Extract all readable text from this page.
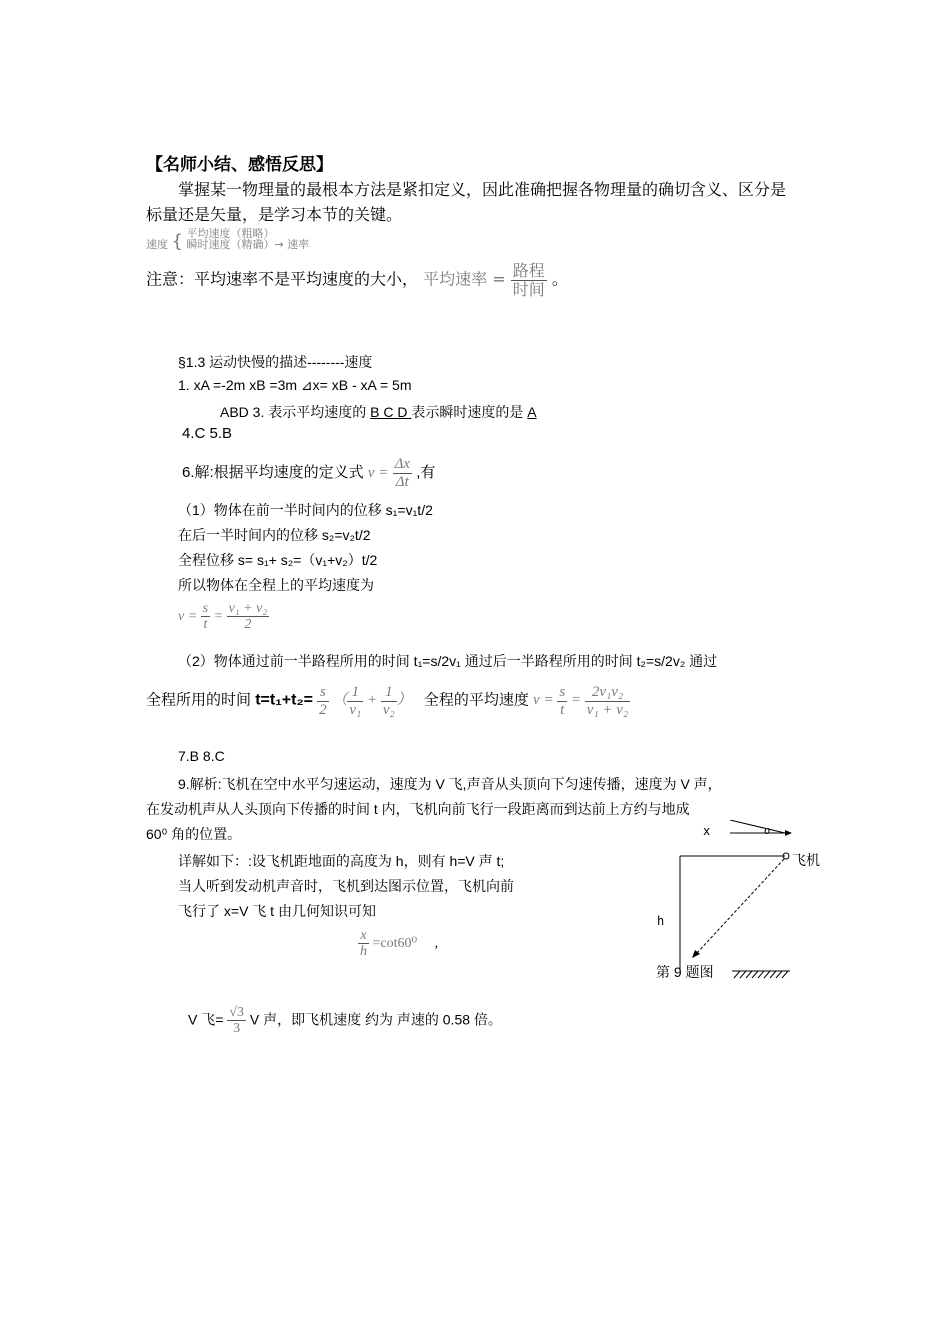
【名师小结、感悟反思】
掌握某一物理量的最根本方法是紧扣定义，因此准确把握各物理量的确切含义、区分是
标量还是矢量，是学习本节的关键。
速度 { 平均速度（粗略）
瞬时速度（精确）→ 速率
注意：平均速率不是平均速度的大小， 平均速率 = $\frac{\text{路程}}{\text{时间}}$ 。
§1.3 运动快慢的描述--------速度
1. xA =-2m xB =3m ⊿x= xB - xA = 5m
ABD 3. 表示平均速度的 B C D 表示瞬时速度的是 A
4.C 5.B
6.解:根据平均速度的定义式 $v = \frac{\Delta x}{\Delta t}$ ,有
（1）物体在前一半时间内的位移 s₁=v₁t/2
在后一半时间内的位移 s₂=v₂t/2
全程位移 s= s₁+ s₂=（v₁+v₂）t/2
所以物体在全程上的平均速度为
$v = \frac{s}{t} = \frac{\text{v₁ + v₂}}{2}$
（2）物体通过前一半路程所用的时间 t₁=s/2v₁ 通过后一半路程所用的时间 t₂=s/2v₂ 通过
全程所用的时间 $t=t_1+t_2= \frac{s}{2}$ （ $\frac{1}{\text{v₁}} + \frac{1}{\text{v₂}}$ ）   全程的平均速度 $v = \frac{s}{t} = \frac{\text{2v₁v₂}}{\text{v₁ + v₂}}$
7.B 8.C
9.解析:飞机在空中水平匀速运动，速度为 V 飞,声音从头顶向下匀速传播，速度为 V 声，
在发动机声从人头顶向下传播的时间 t 内，飞机向前飞行一段距离而到达前上方约与地成
60⁰ 角的位置。
详解如下：:设飞机距地面的高度为 h，则有 h=V 声 t;
当人听到发动机声音时，飞机到达图示位置，飞机向前
飞行了 x=V 飞 t 由几何知识可知
$\frac{x}{h} =\cot 60^0$ ,
V 飞= $\frac{√3}{3}$ V 声，即飞机速度 约为 声速的 0.58 倍。
x	υ
飞机
h
第 9 题图
